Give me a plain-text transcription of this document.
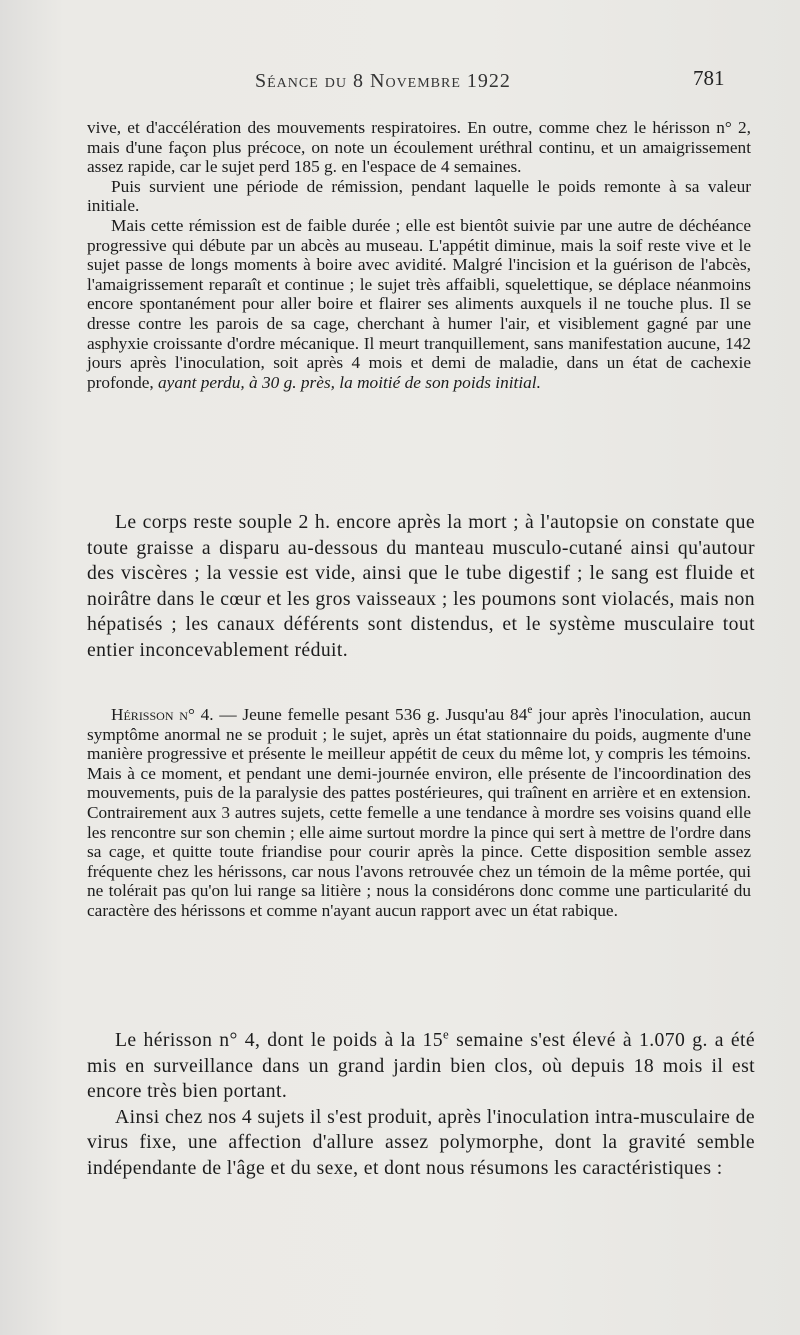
Séance du 8 Novembre 1922	781

vive, et d'accélération des mouvements respiratoires. En outre, comme chez le hérisson n° 2, mais d'une façon plus précoce, on note un écoulement uréthral continu, et un amaigrissement assez rapide, car le sujet perd 185 g. en l'espace de 4 semaines.

Puis survient une période de rémission, pendant laquelle le poids remonte à sa valeur initiale.

Mais cette rémission est de faible durée ; elle est bientôt suivie par une autre de déchéance progressive qui débute par un abcès au museau. L'appétit diminue, mais la soif reste vive et le sujet passe de longs moments à boire avec avidité. Malgré l'incision et la guérison de l'abcès, l'amaigrissement reparaît et continue ; le sujet très affaibli, squelettique, se déplace néanmoins encore spontanément pour aller boire et flairer ses aliments auxquels il ne touche plus. Il se dresse contre les parois de sa cage, cherchant à humer l'air, et visiblement gagné par une asphyxie croissante d'ordre mécanique. Il meurt tranquillement, sans manifestation aucune, 142 jours après l'inoculation, soit après 4 mois et demi de maladie, dans un état de cachexie profonde, ayant perdu, à 30 g. près, la moitié de son poids initial.

Le corps reste souple 2 h. encore après la mort ; à l'autopsie on constate que toute graisse a disparu au-dessous du manteau musculo-cutané ainsi qu'autour des viscères ; la vessie est vide, ainsi que le tube digestif ; le sang est fluide et noirâtre dans le cœur et les gros vaisseaux ; les poumons sont violacés, mais non hépatisés ; les canaux déférents sont distendus, et le système musculaire tout entier inconcevablement réduit.

Hérisson n° 4. — Jeune femelle pesant 536 g. Jusqu'au 84e jour après l'inoculation, aucun symptôme anormal ne se produit ; le sujet, après un état stationnaire du poids, augmente d'une manière progressive et présente le meilleur appétit de ceux du même lot, y compris les témoins. Mais à ce moment, et pendant une demi-journée environ, elle présente de l'incoordination des mouvements, puis de la paralysie des pattes postérieures, qui traînent en arrière et en extension. Contrairement aux 3 autres sujets, cette femelle a une tendance à mordre ses voisins quand elle les rencontre sur son chemin ; elle aime surtout mordre la pince qui sert à mettre de l'ordre dans sa cage, et quitte toute friandise pour courir après la pince. Cette disposition semble assez fréquente chez les hérissons, car nous l'avons retrouvée chez un témoin de la même portée, qui ne tolérait pas qu'on lui range sa litière ; nous la considérons donc comme une particularité du caractère des hérissons et comme n'ayant aucun rapport avec un état rabique.

Le hérisson n° 4, dont le poids à la 15e semaine s'est élevé à 1.070 g. a été mis en surveillance dans un grand jardin bien clos, où depuis 18 mois il est encore très bien portant.

Ainsi chez nos 4 sujets il s'est produit, après l'inoculation intra-musculaire de virus fixe, une affection d'allure assez polymorphe, dont la gravité semble indépendante de l'âge et du sexe, et dont nous résumons les caractéristiques :
